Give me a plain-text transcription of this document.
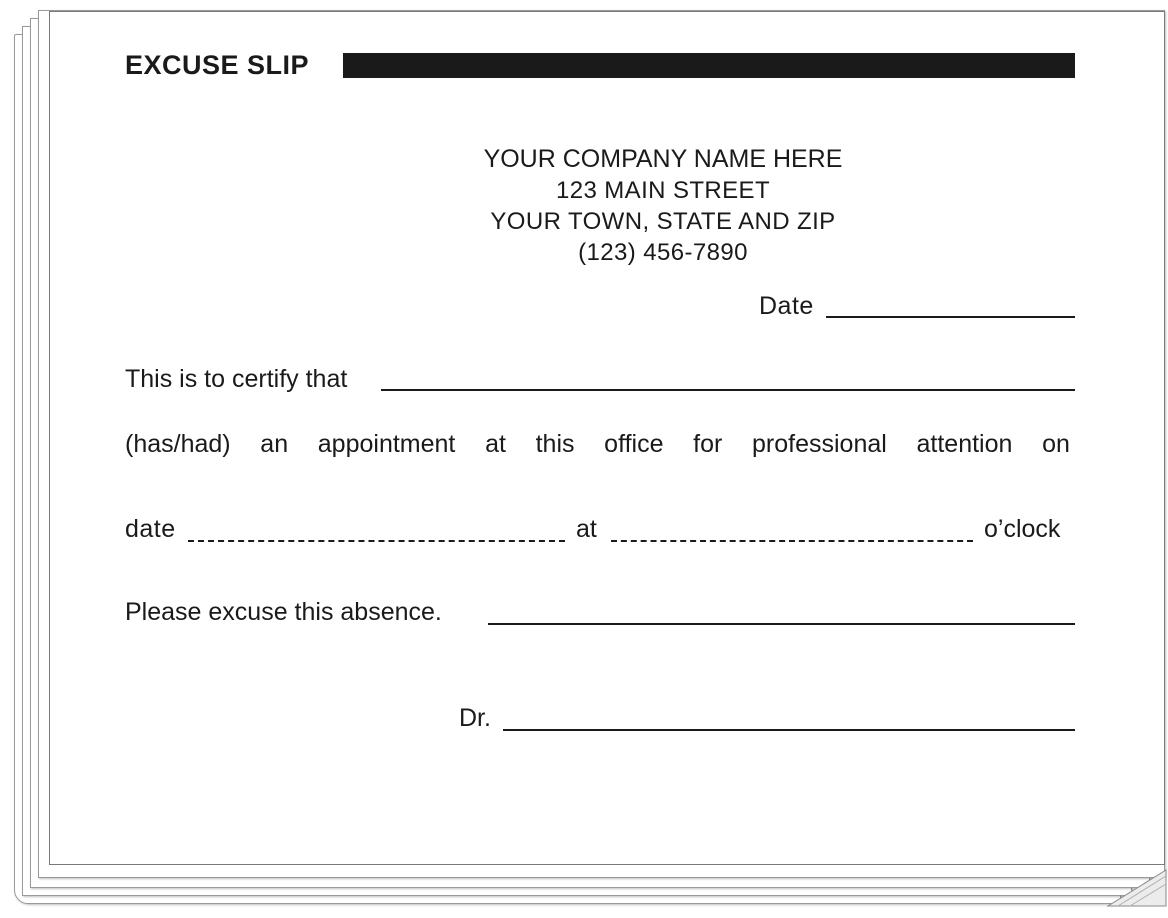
EXCUSE SLIP
YOUR COMPANY NAME HERE
123 MAIN STREET
YOUR TOWN, STATE AND ZIP
(123) 456-7890
Date
This is to certify that
(has/had) an appointment at this office for professional attention on
date	at	o’clock
Please excuse this absence.
Dr.
